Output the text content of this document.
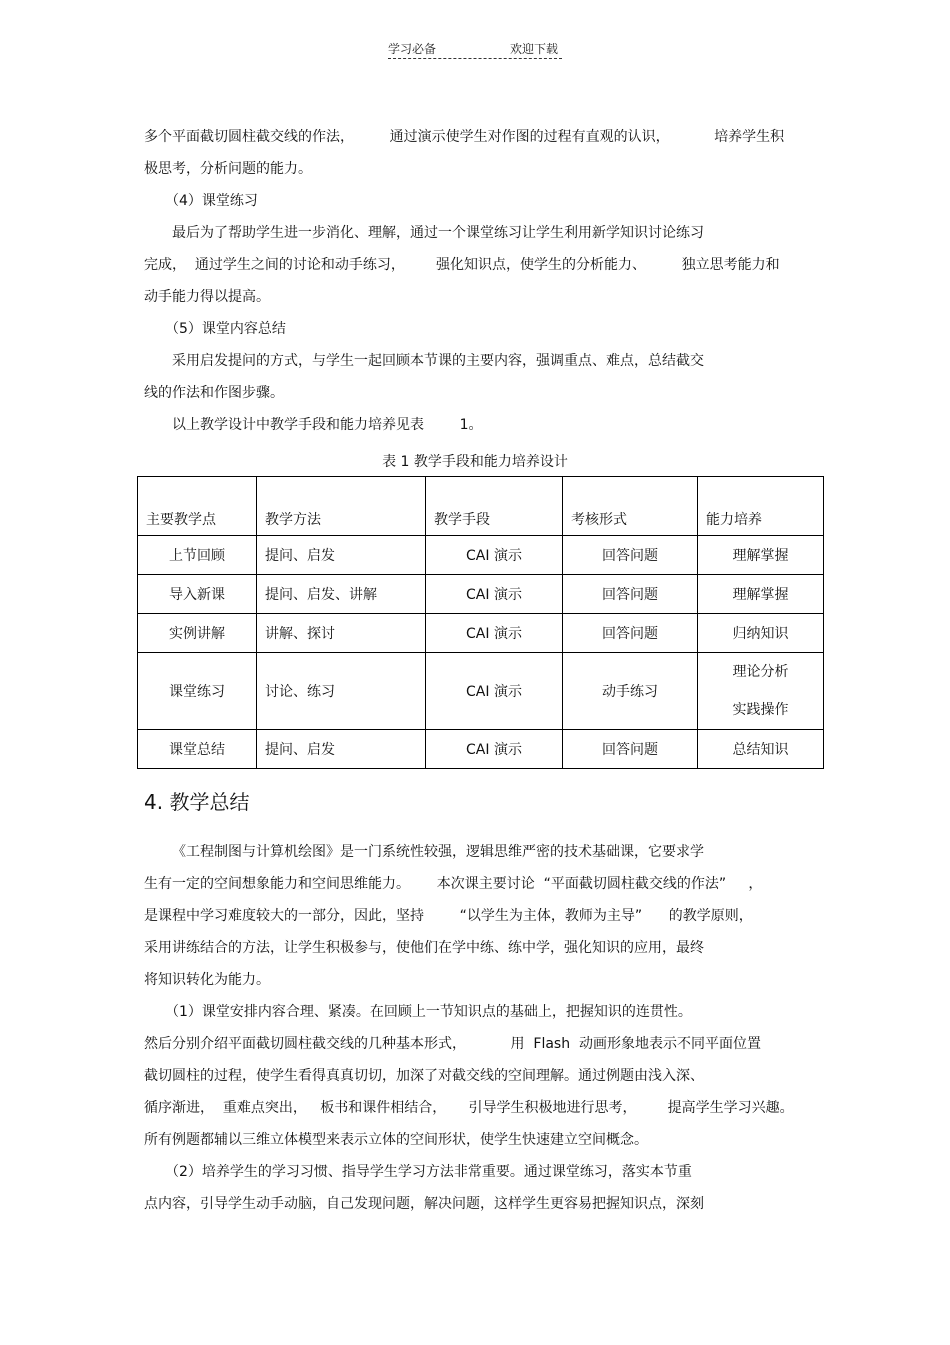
学习必备	欢迎下载
多个平面截切圆柱截交线的作法，        通过演示使学生对作图的过程有直观的认识，          培养学生积
极思考，分析问题的能力。
（4）课堂练习
最后为了帮助学生进一步消化、理解，通过一个课堂练习让学生利用新学知识讨论练习
完成，  通过学生之间的讨论和动手练习，       强化知识点，使学生的分析能力、        独立思考能力和
动手能力得以提高。
（5）课堂内容总结
采用启发提问的方式，与学生一起回顾本节课的主要内容，强调重点、难点，总结截交
线的作法和作图步骤。
以上教学设计中教学手段和能力培养见表        1。
表 1 教学手段和能力培养设计
主要教学点	教学方法	教学手段	考核形式	能力培养
上节回顾	提问、启发	CAI 演示	回答问题	理解掌握
导入新课	提问、启发、讲解	CAI 演示	回答问题	理解掌握
实例讲解	讲解、探讨	CAI 演示	回答问题	归纳知识
课堂练习	讨论、练习	CAI 演示	动手练习	理论分析
实践操作

课堂总结	提问、启发	CAI 演示	回答问题	总结知识
4. 教学总结
《工程制图与计算机绘图》是一门系统性较强，逻辑思维严密的技术基础课，它要求学
生有一定的空间想象能力和空间思维能力。      本次课主要讨论  “平面截切圆柱截交线的作法”     ，
是课程中学习难度较大的一部分，因此，坚持        “以学生为主体，教师为主导”      的教学原则，
采用讲练结合的方法，让学生积极参与，使他们在学中练、练中学，强化知识的应用，最终
将知识转化为能力。
（1）课堂安排内容合理、紧凑。在回顾上一节知识点的基础上，把握知识的连贯性。
然后分别介绍平面截切圆柱截交线的几种基本形式，          用  Flash  动画形象地表示不同平面位置
截切圆柱的过程，使学生看得真真切切，加深了对截交线的空间理解。通过例题由浅入深、
循序渐进，  重难点突出，   板书和课件相结合，     引导学生积极地进行思考，       提高学生学习兴趣。
所有例题都辅以三维立体模型来表示立体的空间形状，使学生快速建立空间概念。
（2）培养学生的学习习惯、指导学生学习方法非常重要。通过课堂练习，落实本节重
点内容，引导学生动手动脑，自己发现问题，解决问题，这样学生更容易把握知识点，深刻
